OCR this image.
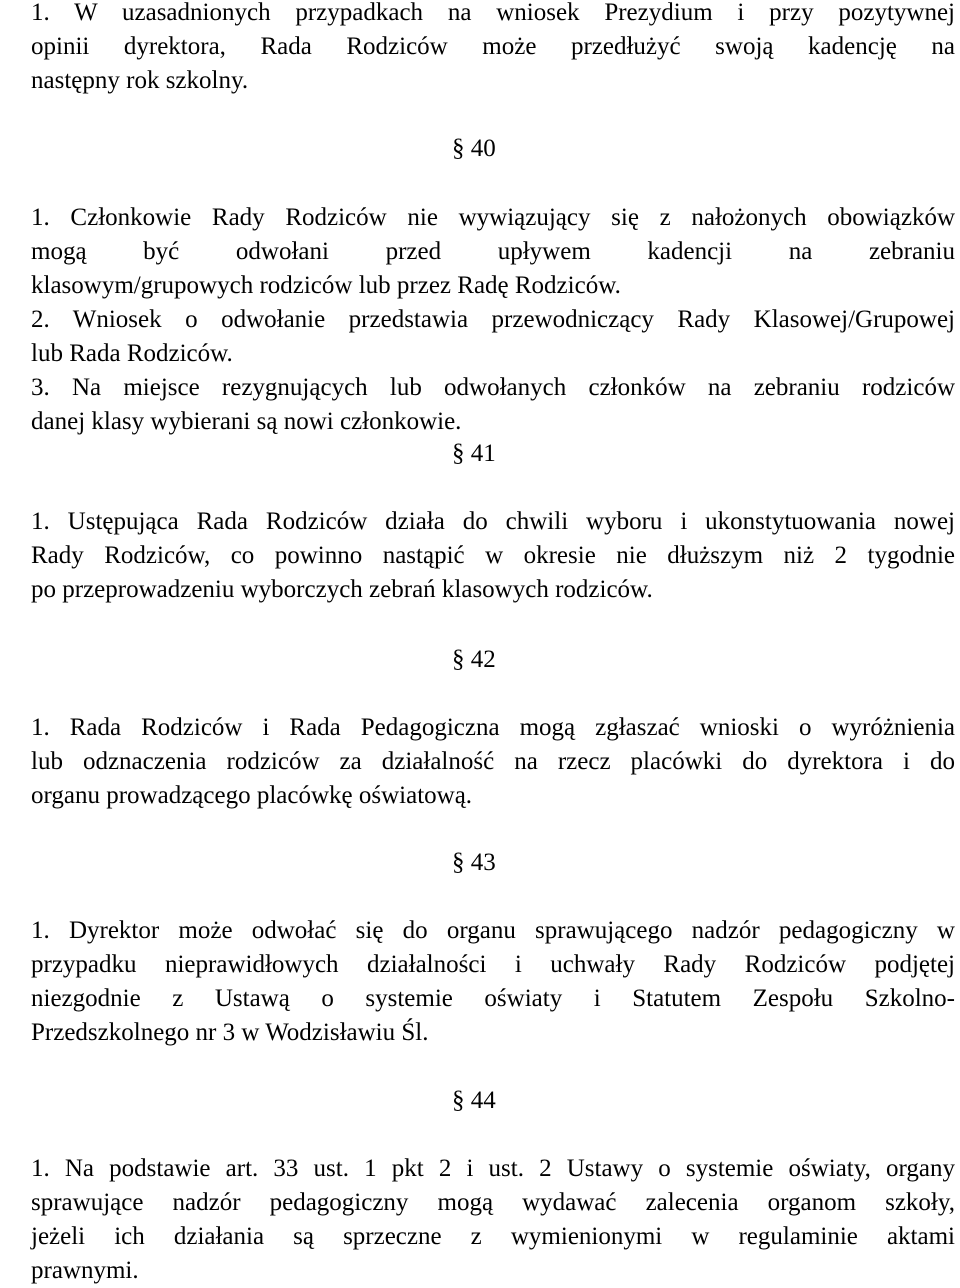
1. W uzasadnionych przypadkach na wniosek Prezydium i przy pozytywnej
opinii dyrektora, Rada Rodziców może przedłużyć swoją kadencję na
następny rok szkolny.
§ 40
1. Członkowie Rady Rodziców nie wywiązujący się z nałożonych obowiązków
mogą być odwołani przed upływem kadencji na zebraniu
klasowym/grupowych rodziców lub przez Radę Rodziców.
2. Wniosek o odwołanie przedstawia przewodniczący Rady Klasowej/Grupowej
lub Rada Rodziców.
3. Na miejsce rezygnujących lub odwołanych członków na zebraniu rodziców
danej klasy wybierani są nowi członkowie.
§ 41
1. Ustępująca Rada Rodziców działa do chwili wyboru i ukonstytuowania nowej
Rady Rodziców, co powinno nastąpić w okresie nie dłuższym niż 2 tygodnie
po przeprowadzeniu wyborczych zebrań klasowych rodziców.
§ 42
1. Rada Rodziców i Rada Pedagogiczna mogą zgłaszać wnioski o wyróżnienia
lub odznaczenia rodziców za działalność na rzecz placówki do dyrektora i do
organu prowadzącego placówkę oświatową.
§ 43
1. Dyrektor może odwołać się do organu sprawującego nadzór pedagogiczny w
przypadku nieprawidłowych działalności i uchwały Rady Rodziców podjętej
niezgodnie z Ustawą o systemie oświaty i Statutem Zespołu Szkolno-
Przedszkolnego nr 3 w Wodzisławiu Śl.
§ 44
1. Na podstawie art. 33 ust. 1 pkt 2 i ust. 2 Ustawy o systemie oświaty, organy
sprawujące nadzór pedagogiczny mogą wydawać zalecenia organom szkoły,
jeżeli ich działania są sprzeczne z wymienionymi w regulaminie aktami
prawnymi.
